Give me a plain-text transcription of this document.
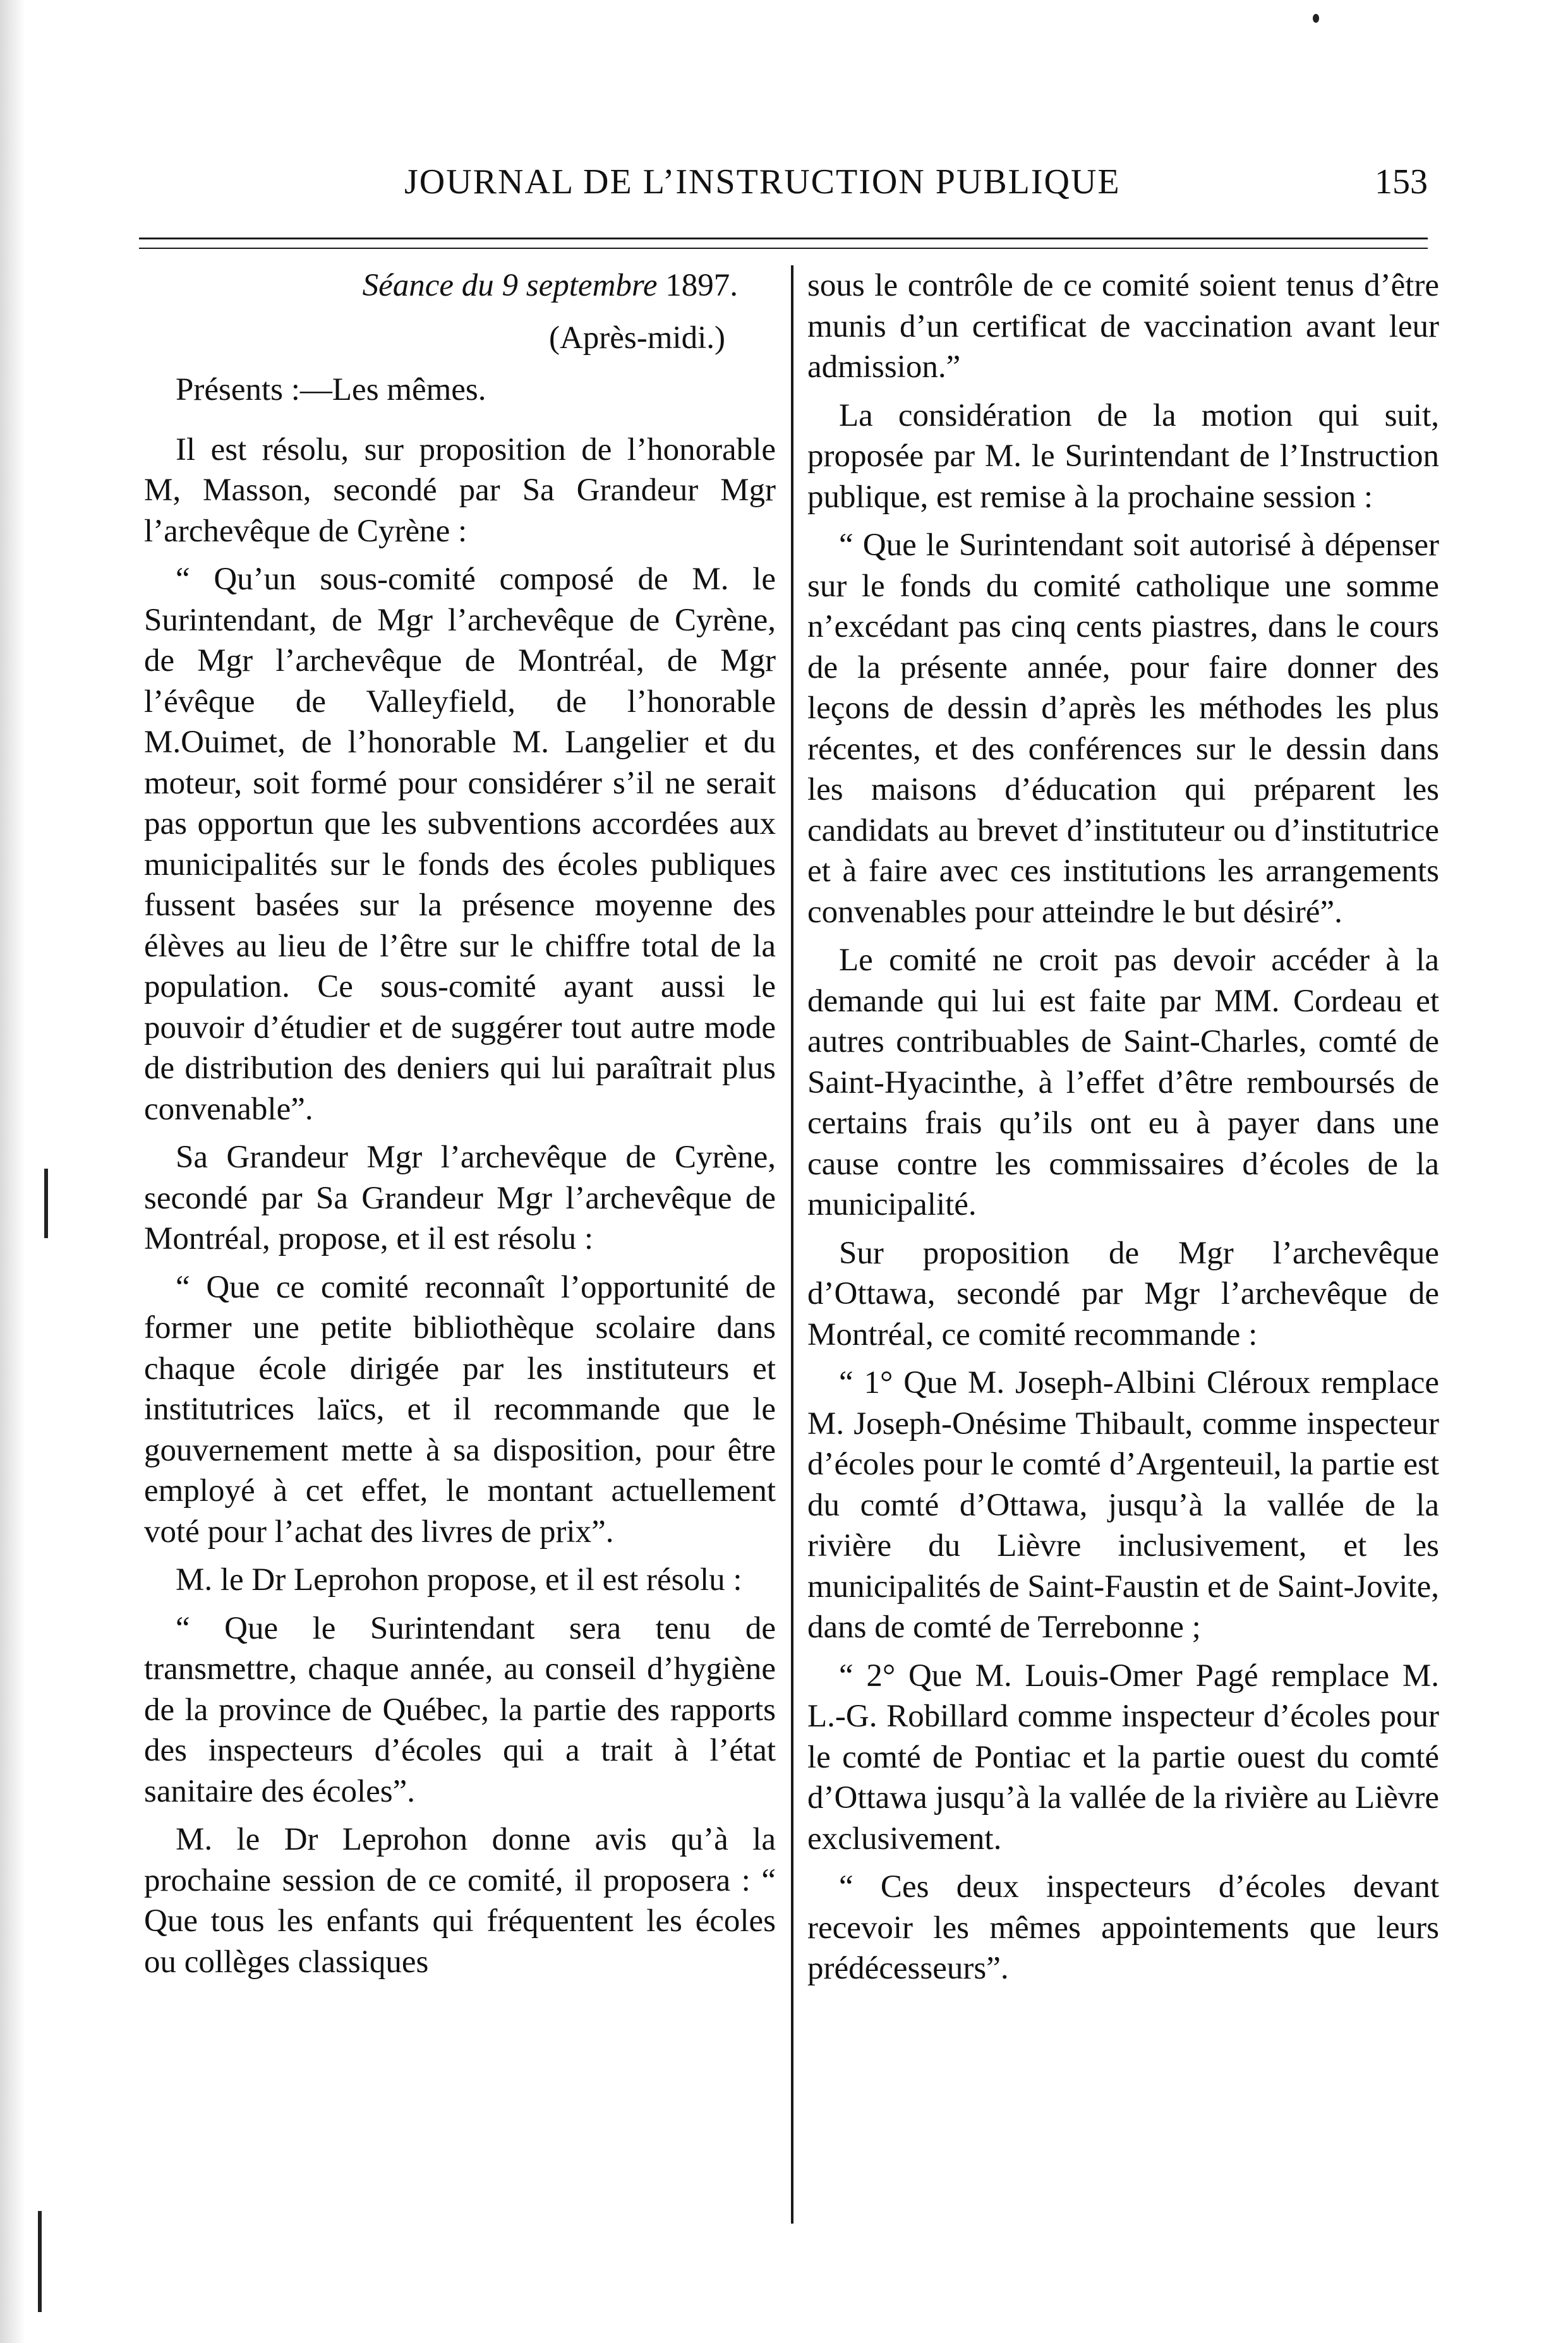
JOURNAL DE L’INSTRUCTION PUBLIQUE	153

Séance du 9 septembre 1897.

(Après-midi.)

Présents :—Les mêmes.

Il est résolu, sur proposition de l’honorable M, Masson, secondé par Sa Grandeur Mgr l’archevêque de Cyrène :

“ Qu’un sous-comité composé de M. le Surintendant, de Mgr l’archevêque de Cyrène, de Mgr l’archevêque de Montréal, de Mgr l’évêque de Valleyfield, de l’honorable M.Ouimet, de l’honorable M. Langelier et du moteur, soit formé pour considérer s’il ne serait pas opportun que les subventions accordées aux municipalités sur le fonds des écoles publiques fussent basées sur la présence moyenne des élèves au lieu de l’être sur le chiffre total de la population. Ce sous-comité ayant aussi le pouvoir d’étudier et de suggérer tout autre mode de distribution des deniers qui lui paraîtrait plus convenable”.

Sa Grandeur Mgr l’archevêque de Cyrène, secondé par Sa Grandeur Mgr l’archevêque de Montréal, propose, et il est résolu :

“ Que ce comité reconnaît l’opportunité de former une petite bibliothèque scolaire dans chaque école dirigée par les instituteurs et institutrices laïcs, et il recommande que le gouvernement mette à sa disposition, pour être employé à cet effet, le montant actuellement voté pour l’achat des livres de prix”.

M. le Dr Leprohon propose, et il est résolu :

“ Que le Surintendant sera tenu de transmettre, chaque année, au conseil d’hygiène de la province de Québec, la partie des rapports des inspecteurs d’écoles qui a trait à l’état sanitaire des écoles”.

M. le Dr Leprohon donne avis qu’à la prochaine session de ce comité, il proposera : “ Que tous les enfants qui fréquentent les écoles ou collèges classiques

sous le contrôle de ce comité soient tenus d’être munis d’un certificat de vaccination avant leur admission.”

La considération de la motion qui suit, proposée par M. le Surintendant de l’Instruction publique, est remise à la prochaine session :

“ Que le Surintendant soit autorisé à dépenser sur le fonds du comité catholique une somme n’excédant pas cinq cents piastres, dans le cours de la présente année, pour faire donner des leçons de dessin d’après les méthodes les plus récentes, et des conférences sur le dessin dans les maisons d’éducation qui préparent les candidats au brevet d’instituteur ou d’institutrice et à faire avec ces institutions les arrangements convenables pour atteindre le but désiré”.

Le comité ne croit pas devoir accéder à la demande qui lui est faite par MM. Cordeau et autres contribuables de Saint-Charles, comté de Saint-Hyacinthe, à l’effet d’être remboursés de certains frais qu’ils ont eu à payer dans une cause contre les commissaires d’écoles de la municipalité.

Sur proposition de Mgr l’archevêque d’Ottawa, secondé par Mgr l’archevêque de Montréal, ce comité recommande :

“ 1° Que M. Joseph-Albini Cléroux remplace M. Joseph-Onésime Thibault, comme inspecteur d’écoles pour le comté d’Argenteuil, la partie est du comté d’Ottawa, jusqu’à la vallée de la rivière du Lièvre inclusivement, et les municipalités de Saint-Faustin et de Saint-Jovite, dans de comté de Terrebonne ;

“ 2° Que M. Louis-Omer Pagé remplace M. L.-G. Robillard comme inspecteur d’écoles pour le comté de Pontiac et la partie ouest du comté d’Ottawa jusqu’à la vallée de la rivière au Lièvre exclusivement.

“ Ces deux inspecteurs d’écoles devant recevoir les mêmes appointements que leurs prédécesseurs”.
